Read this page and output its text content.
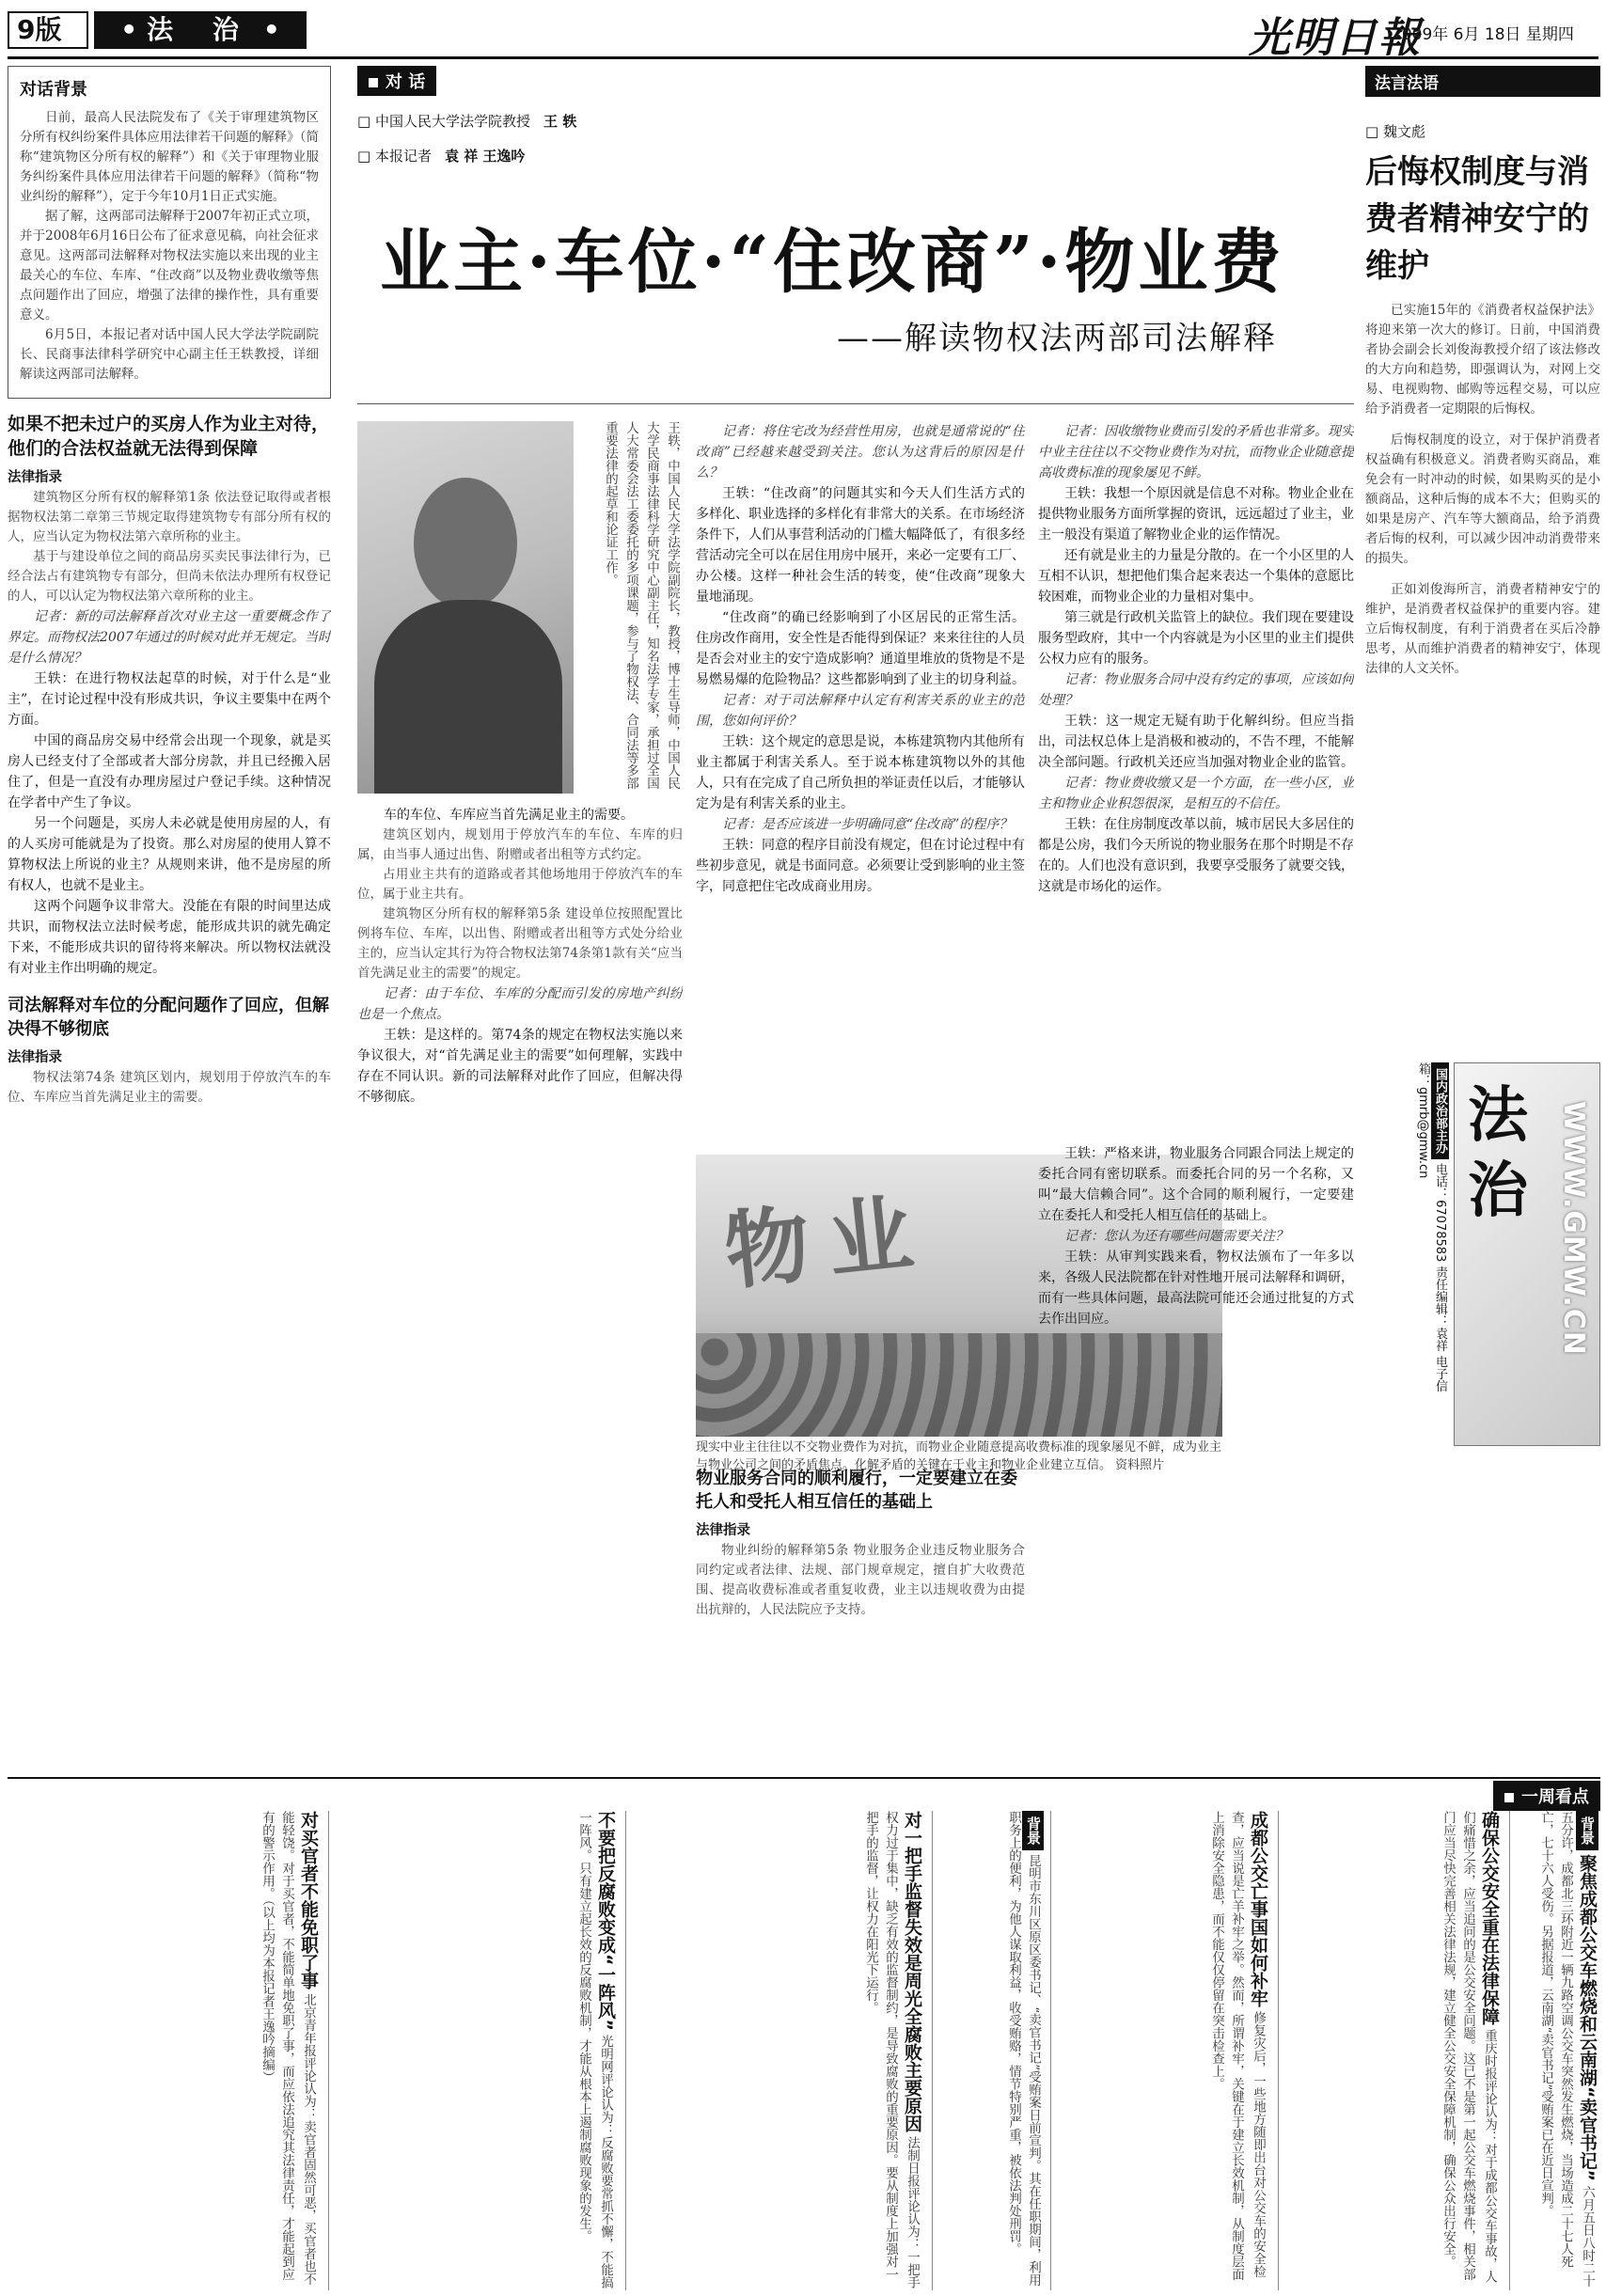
9版	• 法 治 •	光明日報
2009年 6月 18日 星期四
对话背景

日前，最高人民法院发布了《关于审理建筑物区分所有权纠纷案件具体应用法律若干问题的解释》（简称“建筑物区分所有权的解释”）和《关于审理物业服务纠纷案件具体应用法律若干问题的解释》（简称“物业纠纷的解释”），定于今年10月1日正式实施。

据了解，这两部司法解释于2007年初正式立项，并于2008年6月16日公布了征求意见稿，向社会征求意见。这两部司法解释对物权法实施以来出现的业主最关心的车位、车库、“住改商”以及物业费收缴等焦点问题作出了回应，增强了法律的操作性，具有重要意义。

6月5日，本报记者对话中国人民大学法学院副院长、民商事法律科学研究中心副主任王轶教授，详细解读这两部司法解释。

如果不把未过户的买房人作为业主对待，他们的合法权益就无法得到保障
法律指录
建筑物区分所有权的解释第1条 依法登记取得或者根据物权法第二章第三节规定取得建筑物专有部分所有权的人，应当认定为物权法第六章所称的业主。
基于与建设单位之间的商品房买卖民事法律行为，已经合法占有建筑物专有部分，但尚未依法办理所有权登记的人，可以认定为物权法第六章所称的业主。
记者：新的司法解释首次对业主这一重要概念作了界定。而物权法2007年通过的时候对此并无规定。当时是什么情况？
王轶：在进行物权法起草的时候，对于什么是“业主”，在讨论过程中没有形成共识，争议主要集中在两个方面。
中国的商品房交易中经常会出现一个现象，就是买房人已经支付了全部或者大部分房款，并且已经搬入居住了，但是一直没有办理房屋过户登记手续。这种情况在学者中产生了争议。
另一个问题是，买房人未必就是使用房屋的人，有的人买房可能就是为了投资。那么对房屋的使用人算不算物权法上所说的业主？从规则来讲，他不是房屋的所有权人，也就不是业主。
这两个问题争议非常大。没能在有限的时间里达成共识，而物权法立法时候考虑，能形成共识的就先确定下来，不能形成共识的留待将来解决。所以物权法就没有对业主作出明确的规定。
司法解释对车位的分配问题作了回应，但解决得不够彻底
法律指录
物权法第74条 建筑区划内，规划用于停放汽车的车位、车库应当首先满足业主的需要。
对 话
□ 中国人民大学法学院教授 王 轶
□ 本报记者 袁 祥 王逸吟
业主·车位·“住改商”·物业费
——解读物权法两部司法解释
王轶，中国人民大学法学院副院长，教授，博士生导师，中国人民大学民商事法律科学研究中心副主任，知名法学专家，承担过全国人大常委会法工委委托的多项课题，参与了物权法、合同法等多部重要法律的起草和论证工作。
车的车位、车库应当首先满足业主的需要。
建筑区划内，规划用于停放汽车的车位、车库的归属，由当事人通过出售、附赠或者出租等方式约定。
占用业主共有的道路或者其他场地用于停放汽车的车位，属于业主共有。
建筑物区分所有权的解释第5条 建设单位按照配置比例将车位、车库，以出售、附赠或者出租等方式处分给业主的，应当认定其行为符合物权法第74条第1款有关“应当首先满足业主的需要”的规定。
记者：由于车位、车库的分配而引发的房地产纠纷也是一个焦点。
王轶：是这样的。第74条的规定在物权法实施以来争议很大，对“首先满足业主的需要”如何理解，实践中存在不同认识。新的司法解释对此作了回应，但解决得不够彻底。
记者：将住宅改为经营性用房，也就是通常说的“住改商”已经越来越受到关注。您认为这背后的原因是什么？
王轶：“住改商”的问题其实和今天人们生活方式的多样化、职业选择的多样化有非常大的关系。在市场经济条件下，人们从事营利活动的门槛大幅降低了，有很多经营活动完全可以在居住用房中展开，来必一定要有工厂、办公楼。这样一种社会生活的转变，使“住改商”现象大量地涌现。
“住改商”的确已经影响到了小区居民的正常生活。住房改作商用，安全性是否能得到保证？来来往往的人员是否会对业主的安宁造成影响？通道里堆放的货物是不是易燃易爆的危险物品？这些都影响到了业主的切身利益。
记者：对于司法解释中认定有利害关系的业主的范围，您如何评价？
王轶：这个规定的意思是说，本栋建筑物内其他所有业主都属于利害关系人。至于说本栋建筑物以外的其他人，只有在完成了自己所负担的举证责任以后，才能够认定为是有利害关系的业主。
记者：是否应该进一步明确同意“住改商”的程序？
王轶：同意的程序目前没有规定，但在讨论过程中有些初步意见，就是书面同意。必须要让受到影响的业主签字，同意把住宅改成商业用房。
记者：因收缴物业费而引发的矛盾也非常多。现实中业主往往以不交物业费作为对抗，而物业企业随意提高收费标准的现象屡见不鲜。
王轶：我想一个原因就是信息不对称。物业企业在提供物业服务方面所掌握的资讯，远远超过了业主，业主一般没有渠道了解物业企业的运作情况。
还有就是业主的力量是分散的。在一个小区里的人互相不认识，想把他们集合起来表达一个集体的意愿比较困难，而物业企业的力量相对集中。
第三就是行政机关监管上的缺位。我们现在要建设服务型政府，其中一个内容就是为小区里的业主们提供公权力应有的服务。
记者：物业服务合同中没有约定的事项，应该如何处理？
王轶：这一规定无疑有助于化解纠纷。但应当指出，司法权总体上是消极和被动的，不告不理，不能解决全部问题。行政机关还应当加强对物业企业的监管。
记者：物业费收缴又是一个方面，在一些小区，业主和物业企业积怨很深，是相互的不信任。
王轶：在住房制度改革以前，城市居民大多居住的都是公房，我们今天所说的物业服务在那个时期是不存在的。人们也没有意识到，我要享受服务了就要交钱，这就是市场化的运作。
物业
现实中业主往往以不交物业费作为对抗，而物业企业随意提高收费标准的现象屡见不鲜，成为业主与物业公司之间的矛盾焦点。化解矛盾的关键在于业主和物业企业建立互信。 资料照片
物业服务合同的顺利履行，一定要建立在委托人和受托人相互信任的基础上
法律指录
物业纠纷的解释第5条 物业服务企业违反物业服务合同约定或者法律、法规、部门规章规定，擅自扩大收费范围、提高收费标准或者重复收费，业主以违规收费为由提出抗辩的，人民法院应予支持。
王轶：严格来讲，物业服务合同跟合同法上规定的委托合同有密切联系。而委托合同的另一个名称，又叫“最大信赖合同”。这个合同的顺利履行，一定要建立在委托人和受托人相互信任的基础上。
记者：您认为还有哪些问题需要关注？
王轶：从审判实践来看，物权法颁布了一年多以来，各级人民法院都在针对性地开展司法解释和调研，而有一些具体问题，最高法院可能还会通过批复的方式去作出回应。
法言法语
□ 魏文彪
后悔权制度与消费者精神安宁的维护
已实施15年的《消费者权益保护法》将迎来第一次大的修订。日前，中国消费者协会副会长刘俊海教授介绍了该法修改的大方向和趋势，即强调认为，对网上交易、电视购物、邮购等远程交易，可以应给予消费者一定期限的后悔权。
后悔权制度的设立，对于保护消费者权益确有积极意义。消费者购买商品，难免会有一时冲动的时候，如果购买的是小额商品，这种后悔的成本不大；但购买的如果是房产、汽车等大额商品，给予消费者后悔的权利，可以减少因冲动消费带来的损失。
正如刘俊海所言，消费者精神安宁的维护，是消费者权益保护的重要内容。建立后悔权制度，有利于消费者在买后冷静思考，从而维护消费者的精神安宁，体现法律的人文关怀。
国内政治部主办 电话：67078583 责任编辑：袁祥 电子信箱：gmrb@gmw.cn 法治 WWW.GMW.CN
一周看点
背景 聚焦成都公交车燃烧和云南湖“卖官书记” 六月五日八时二十五分许，成都北三环附近一辆九路空调公交车突然发生燃烧，当场造成二十七人死亡，七十六人受伤。另据报道，云南湖“卖官书记”受贿案已在近日宣判。
确保公交安全重在法律保障 重庆时报评论认为：对于成都公交车事故，人们痛惜之余，应当追问的是公交安全问题。这已不是第一起公交车燃烧事件，相关部门应当尽快完善相关法律法规，建立健全公交安全保障机制，确保公众出行安全。
成都公交亡事国如何补牢 修复灾后，一些地方随即出台对公交车的安全检查，应当说是亡羊补牢之举。然而，所谓补牢，关键在于建立长效机制，从制度层面上消除安全隐患，而不能仅仅停留在突击检查上。
背景 昆明市东川区原区委书记、“卖官书记”受贿案日前宣判。其在任职期间，利用职务上的便利，为他人谋取利益，收受贿赂，情节特别严重，被依法判处刑罚。
对一把手监督失效是周光全腐败主要原因 法制日报评论认为：一把手权力过于集中，缺乏有效的监督制约，是导致腐败的重要原因。要从制度上加强对一把手的监督，让权力在阳光下运行。
不要把反腐败变成“一阵风” 光明网评论认为：反腐败要常抓不懈，不能搞一阵风。只有建立起长效的反腐败机制，才能从根本上遏制腐败现象的发生。
对买官者不能免职了事 北京青年报评论认为：卖官者固然可恶，买官者也不能轻饶。对于买官者，不能简单地免职了事，而应依法追究其法律责任，才能起到应有的警示作用。（以上均为本报记者王逸吟摘编）
